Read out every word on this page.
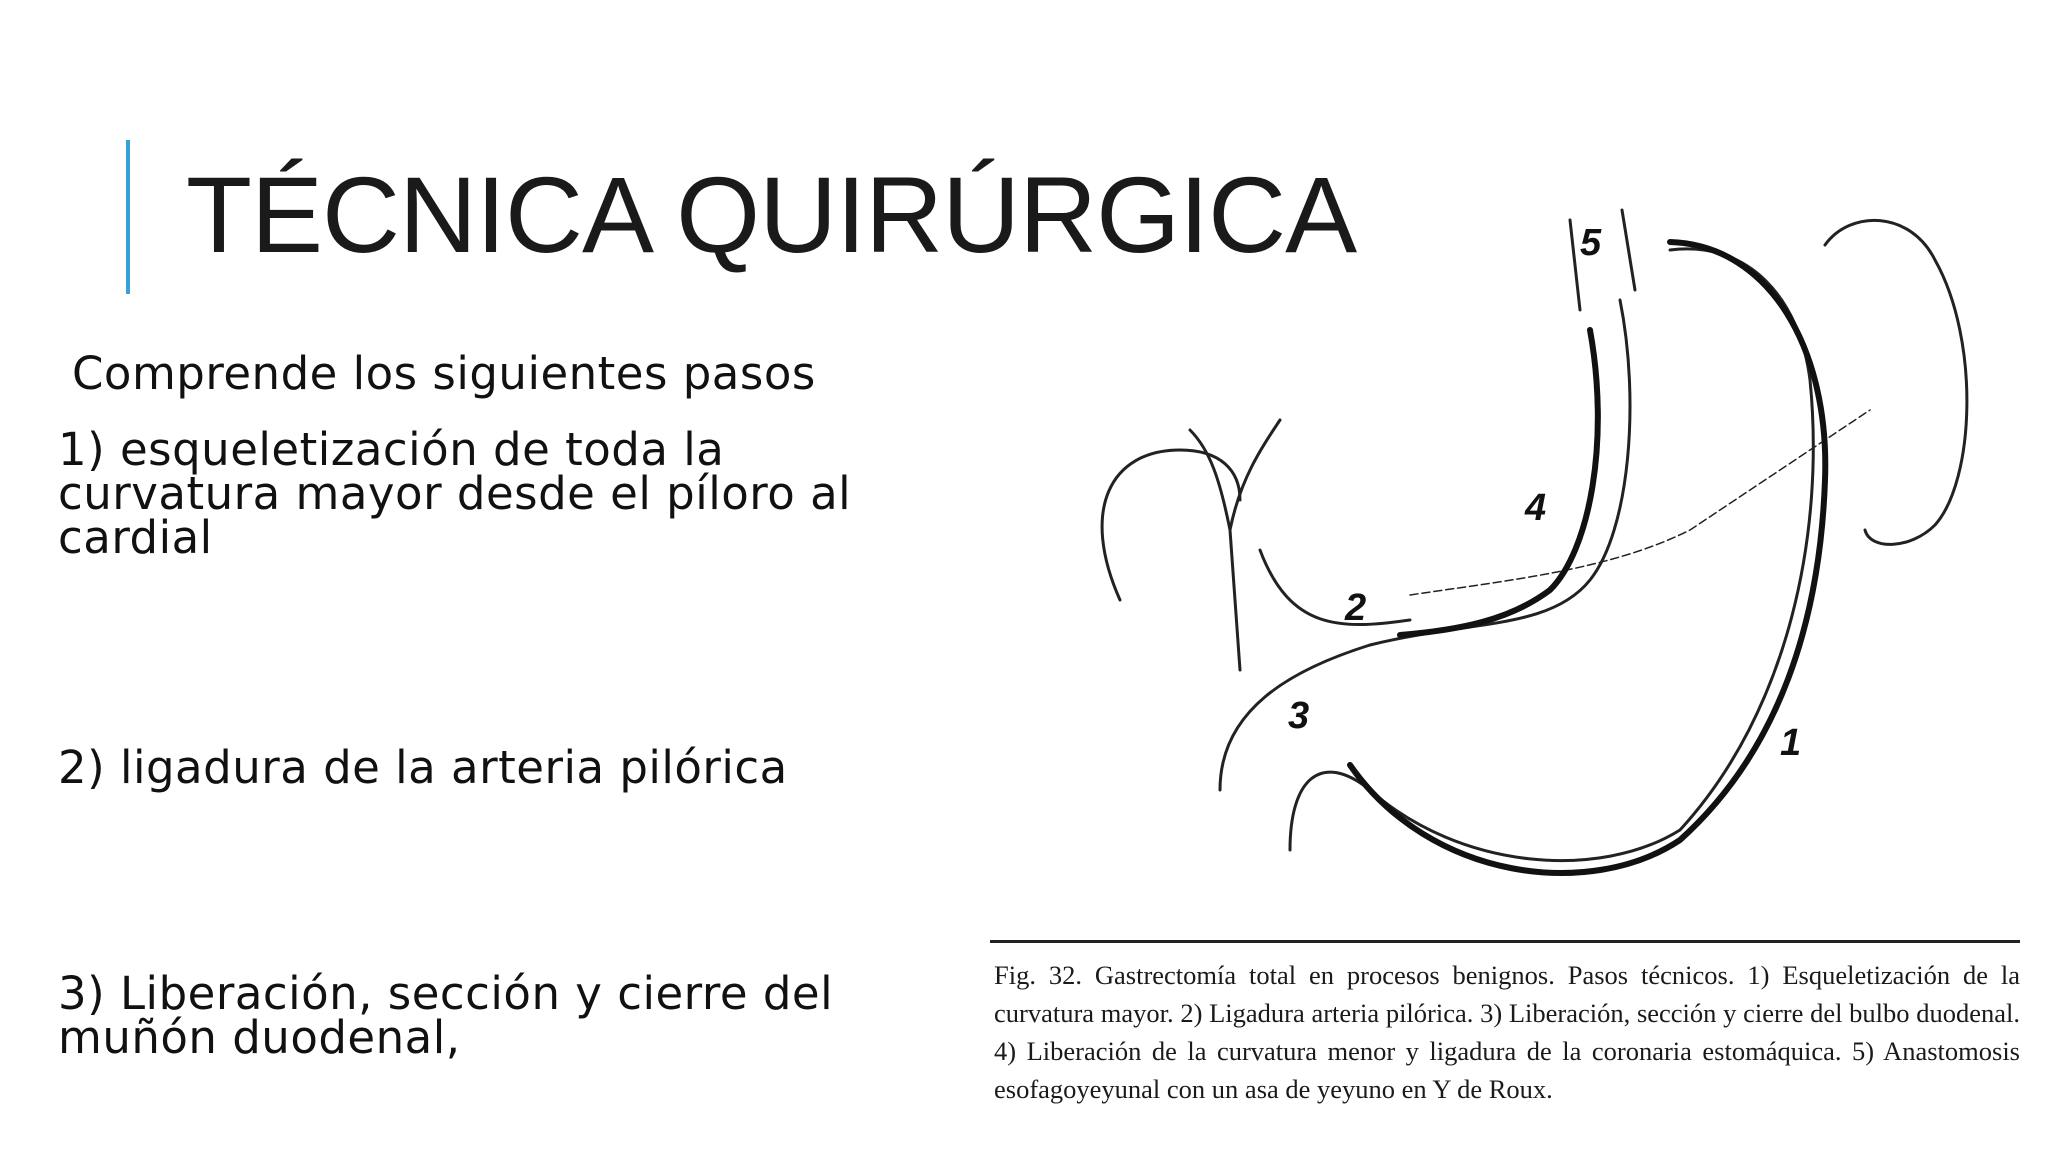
TÉCNICA QUIRÚRGICA
Comprende los siguientes pasos
1) esqueletización de toda la curvatura mayor desde el píloro al cardial
2) ligadura de la arteria pilórica
3) Liberación, sección y cierre del muñón duodenal,
1
2
3
4
5
Fig. 32. Gastrectomía total en procesos benignos. Pasos técnicos. 1) Esqueletización de la curvatura mayor. 2) Ligadura arteria pilórica. 3) Liberación, sección y cierre del bulbo duodenal. 4) Liberación de la curvatura menor y ligadura de la coronaria estomáquica. 5) Anastomosis esofagoyeyunal con un asa de yeyuno en Y de Roux.
